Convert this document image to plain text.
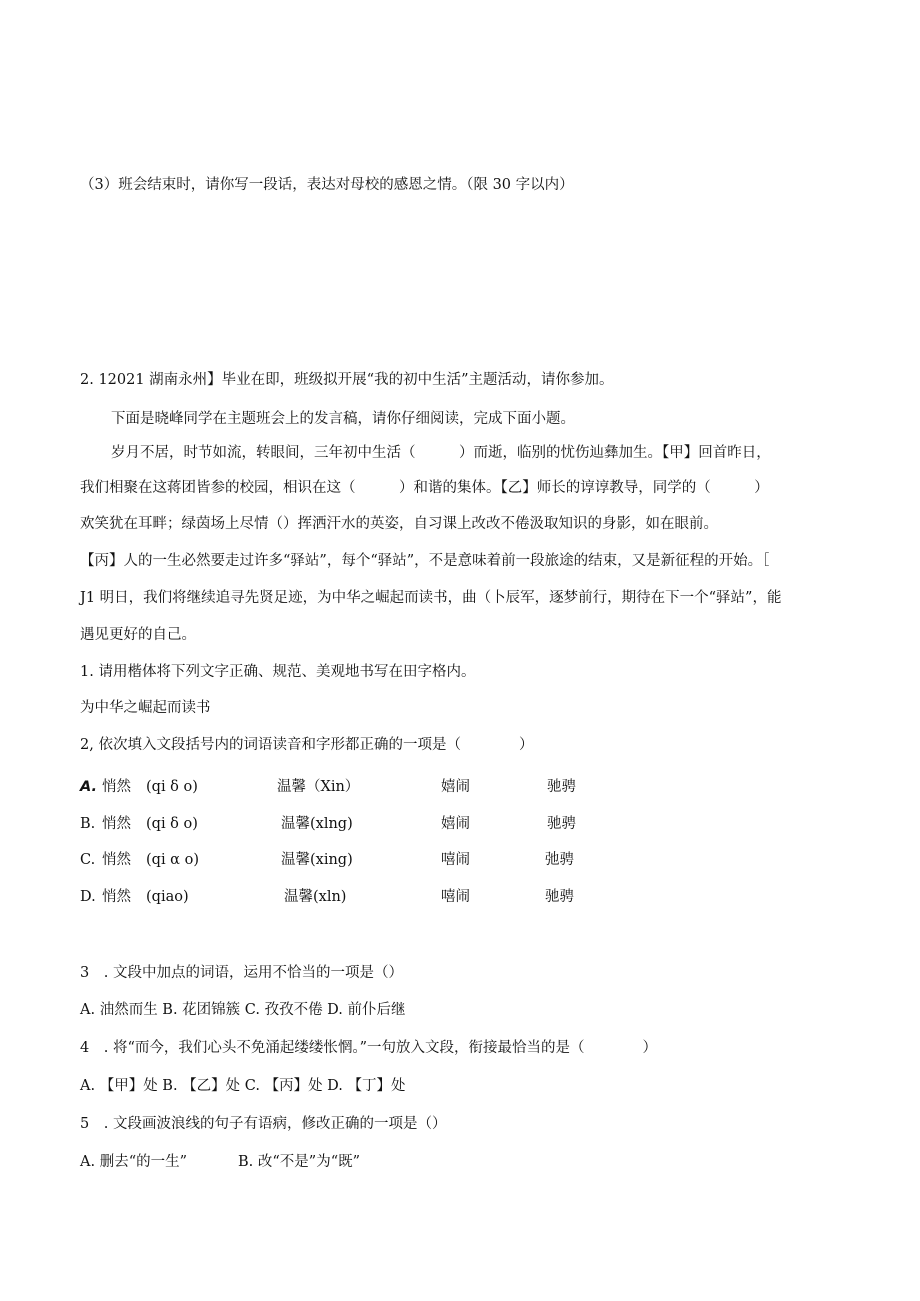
（3）班会结束时，请你写一段话，表达对母校的感恩之情。（限 30 字以内）
2. 12021 湖南永州】毕业在即，班级拟开展“我的初中生活”主题活动，请你参加。
下面是晓峰同学在主题班会上的发言稿，请你仔细阅读，完成下面小题。
岁月不居，时节如流，转眼间，三年初中生活（　　　）而逝，临别的忧伤辿彝加生。【甲】回首昨日，
我们相聚在这蒋团皆参的校园，相识在这（　　　）和谐的集体。【乙】师长的谆谆教导，同学的（　　　）
欢笑犹在耳畔；绿茵场上尽情（）挥洒汗水的英姿，自习课上改改不倦汲取知识的身影，如在眼前。
【丙】人的一生必然要走过许多“驿站”，每个“驿站”，不是意味着前一段旅途的结束，又是新征程的开始。［
J1 明日，我们将继续追寻先贤足迹，为中华之崛起而读书，曲（卜辰军，逐梦前行，期待在下一个“驿站”，能
遇见更好的自己。
1. 请用楷体将下列文字正确、规范、美观地书写在田字格内。
为中华之崛起而读书
2, 依次填入文段括号内的词语读音和字形都正确的一项是（　　　　）
A. 悄然 (qi δ o)	温馨（Xin）	嬉闹	驰骋
B. 悄然 (qi δ o)	温馨(xlng)	嬉闹	驰骋
C. 悄然 (qi α o)	温馨(xing)	嘻闹	弛骋
D. 悄然 (qiao)	温馨(xln)	嘻闹	驰骋
3　. 文段中加点的词语，运用不恰当的一项是（）
A. 油然而生 B. 花团锦簇 C. 孜孜不倦 D. 前仆后继
4　. 将“而今，我们心头不免涌起缕缕怅惘。”一句放入文段，衔接最恰当的是（　　　　）
A. 【甲】处 B. 【乙】处 C. 【丙】处 D. 【丁】处
5　. 文段画波浪线的句子有语病，修改正确的一项是（）
A. 删去“的一生”	B. 改“不是”为“既”
